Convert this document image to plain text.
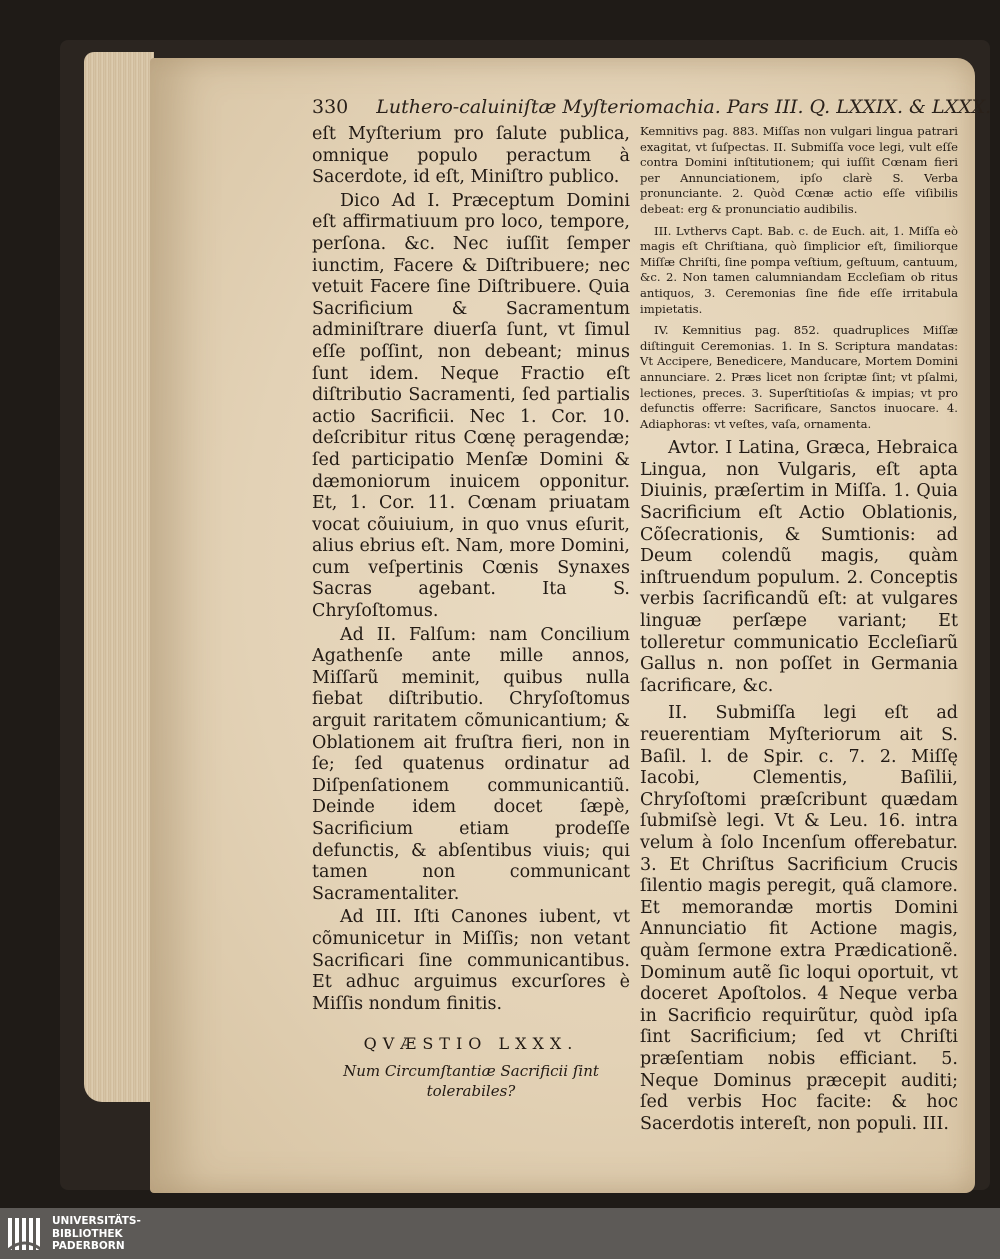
330 Luthero-caluiniſtæ Myſteriomachia. Pars III. Q. LXXIX. & LXXX.

eſt Myſterium pro ſalute publica, omnique populo peractum à Sacerdote, id eſt, Miniſtro publico.

Dico Ad I. Præceptum Domini eſt affirmatiuum pro loco, tempore, perſona. &c. Nec iuſſit ſemper iunctim, Facere & Diſtribuere; nec vetuit Facere ſine Diſtribuere. Quia Sacrificium & Sacramentum adminiſtrare diuerſa ſunt, vt ſimul eſſe poſſint, non debeant; minus ſunt idem. Neque Fractio eſt diſtributio Sacramenti, ſed partialis actio Sacrificii. Nec 1. Cor. 10. deſcribitur ritus Cœnę peragendæ; ſed participatio Menſæ Domini & dæmoniorum inuicem opponitur. Et, 1. Cor. 11. Cœnam priuatam vocat cõuiuium, in quo vnus eſurit, alius ebrius eſt. Nam, more Domini, cum veſpertinis Cœnis Synaxes Sacras agebant. Ita S. Chryſoſtomus.

Ad II. Falſum: nam Concilium Agathenſe ante mille annos, Miſſarũ meminit, quibus nulla fiebat diſtributio. Chryſoſtomus arguit raritatem cõmunicantium; & Oblationem ait fruſtra fieri, non in ſe; ſed quatenus ordinatur ad Diſpenſationem communicantiũ. Deinde idem docet ſæpè, Sacrificium etiam prodeſſe defunctis, & abſentibus viuis; qui tamen non communicant Sacramentaliter.

Ad III. Iſti Canones iubent, vt cõmunicetur in Miſſis; non vetant Sacrificari ſine communicantibus. Et adhuc arguimus excurſores è Miſſis nondum finitis.

QVÆSTIO LXXX.
Num Circumſtantiæ Sacrificii ſint tolerabiles?

Kemnitivs pag. 883. Miſſas non vulgari lingua patrari exagitat, vt ſuſpectas. II. Submiſſa voce legi, vult eſſe contra Domini inſtitutionem; qui iuſſit Cœnam fieri per Annunciationem, ipſo clarè S. Verba pronunciante. 2. Quòd Cœnæ actio eſſe viſibilis debeat: erg & pronunciatio audibilis.

III. Lvthervs Capt. Bab. c. de Euch. ait, 1. Miſſa eò magis eſt Chriſtiana, quò ſimplicior eſt, ſimiliorque Miſſæ Chriſti, ſine pompa veſtium, geſtuum, cantuum, &c. 2. Non tamen calumniandam Eccleſiam ob ritus antiquos, 3. Ceremonias ſine fide eſſe irritabula impietatis.

IV. Kemnitius pag. 852. quadruplices Miſſæ diſtinguit Ceremonias. 1. In S. Scriptura mandatas: Vt Accipere, Benedicere, Manducare, Mortem Domini annunciare. 2. Præs licet non ſcriptæ ſint; vt pſalmi, lectiones, preces. 3. Superſtitioſas & impias; vt pro defunctis offerre: Sacrificare, Sanctos inuocare. 4. Adiaphoras: vt veſtes, vaſa, ornamenta.

Avtor. I Latina, Græca, Hebraica Lingua, non Vulgaris, eſt apta Diuinis, præſertim in Miſſa. 1. Quia Sacrificium eſt Actio Oblationis, Cõſecrationis, & Sumtionis: ad Deum colendũ magis, quàm inſtruendum populum. 2. Conceptis verbis ſacrificandũ eſt: at vulgares linguæ perſæpe variant; Et tolleretur communicatio Eccleſiarũ Gallus n. non poſſet in Germania ſacrificare, &c.

II. Submiſſa legi eſt ad reuerentiam Myſteriorum ait S. Baſil. l. de Spir. c. 7. 2. Miſſę Iacobi, Clementis, Baſilii, Chryſoſtomi præſcribunt quædam ſubmiſsè legi. Vt & Leu. 16. intra velum à ſolo Incenſum offerebatur. 3. Et Chriſtus Sacrificium Crucis ſilentio magis peregit, quã clamore. Et memorandæ mortis Domini Annunciatio fit Actione magis, quàm ſermone extra Prædicationẽ. Dominum autẽ ſic loqui oportuit, vt doceret Apoſtolos. 4 Neque verba in Sacrificio requirũtur, quòd ipſa ſint Sacrificium; ſed vt Chriſti præſentiam nobis efficiant. 5. Neque Dominus præcepit auditi; ſed verbis Hoc facite: & hoc Sacerdotis intereſt, non populi. III.

UNIVERSITÄTS-
BIBLIOTHEK
PADERBORN
